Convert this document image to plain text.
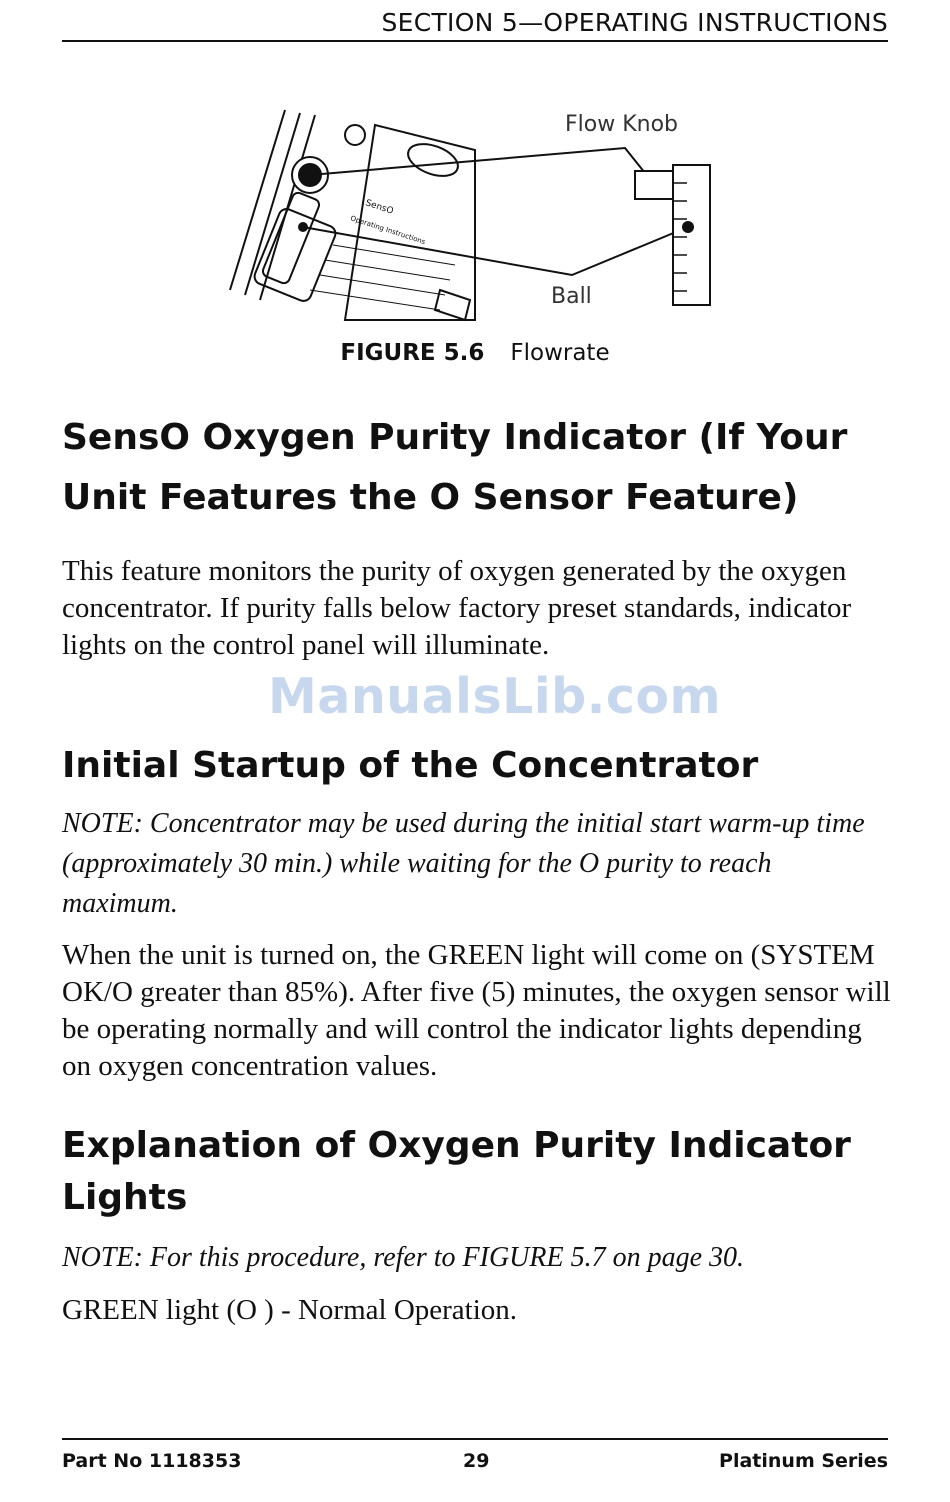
SECTION 5—OPERATING INSTRUCTIONS
SensO
Operating Instructions
Flow Knob
Ball
FIGURE 5.6 Flowrate
SensO Oxygen Purity Indicator (If Your
Unit Features the O Sensor Feature)

This feature monitors the purity of oxygen generated by the oxygen concentrator. If purity falls below factory preset standards, indicator lights on the control panel will illuminate.

ManualsLib.com
Initial Startup of the Concentrator

NOTE: Concentrator may be used during the initial start warm-up time (approximately 30 min.) while waiting for the O purity to reach maximum.

When the unit is turned on, the GREEN light will come on (SYSTEM OK/O greater than 85%). After five (5) minutes, the oxygen sensor will be operating normally and will control the indicator lights depending on oxygen concentration values.

Explanation of Oxygen Purity Indicator Lights

NOTE: For this procedure, refer to FIGURE 5.7 on page 30.

GREEN light (O ) - Normal Operation.

Part No 1118353	29	Platinum Series
